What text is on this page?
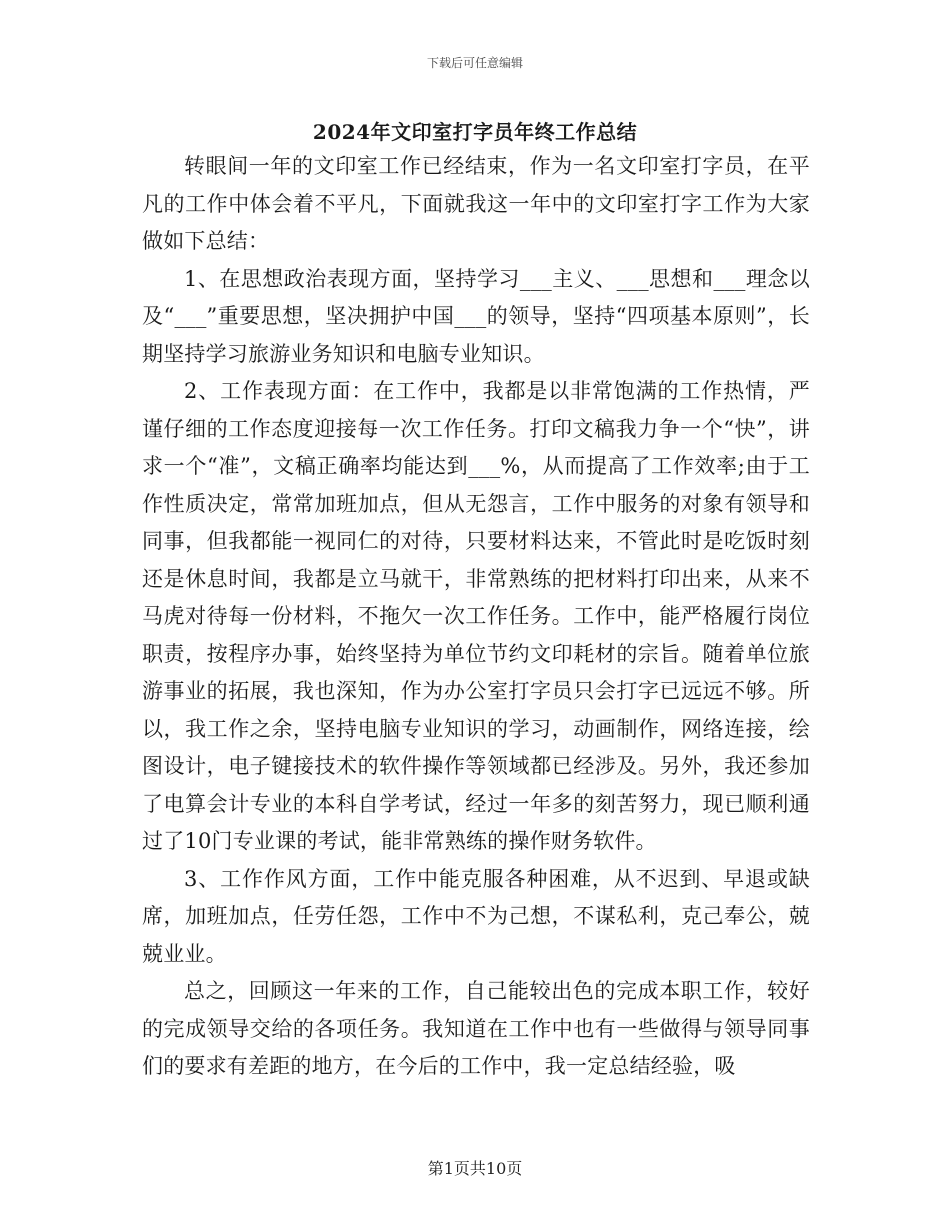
下载后可任意编辑
2024年文印室打字员年终工作总结

转眼间一年的文印室工作已经结束，作为一名文印室打字员，在平凡的工作中体会着不平凡，下面就我这一年中的文印室打字工作为大家做如下总结：

1、在思想政治表现方面，坚持学习___主义、___思想和___理念以及“___”重要思想，坚决拥护中国___的领导，坚持“四项基本原则”，长期坚持学习旅游业务知识和电脑专业知识。

2、工作表现方面：在工作中，我都是以非常饱满的工作热情，严谨仔细的工作态度迎接每一次工作任务。打印文稿我力争一个“快”，讲求一个“准”，文稿正确率均能达到___%，从而提高了工作效率;由于工作性质决定，常常加班加点，但从无怨言，工作中服务的对象有领导和同事，但我都能一视同仁的对待，只要材料达来，不管此时是吃饭时刻还是休息时间，我都是立马就干，非常熟练的把材料打印出来，从来不马虎对待每一份材料，不拖欠一次工作任务。工作中，能严格履行岗位职责，按程序办事，始终坚持为单位节约文印耗材的宗旨。随着单位旅游事业的拓展，我也深知，作为办公室打字员只会打字已远远不够。所以，我工作之余，坚持电脑专业知识的学习，动画制作，网络连接，绘图设计，电子键接技术的软件操作等领域都已经涉及。另外，我还参加了电算会计专业的本科自学考试，经过一年多的刻苦努力，现已顺利通过了10门专业课的考试，能非常熟练的操作财务软件。

3、工作作风方面，工作中能克服各种困难，从不迟到、早退或缺席，加班加点，任劳任怨，工作中不为己想，不谋私利，克己奉公，兢兢业业。

总之，回顾这一年来的工作，自己能较出色的完成本职工作，较好的完成领导交给的各项任务。我知道在工作中也有一些做得与领导同事们的要求有差距的地方，在今后的工作中，我一定总结经验，吸

第1页共10页
